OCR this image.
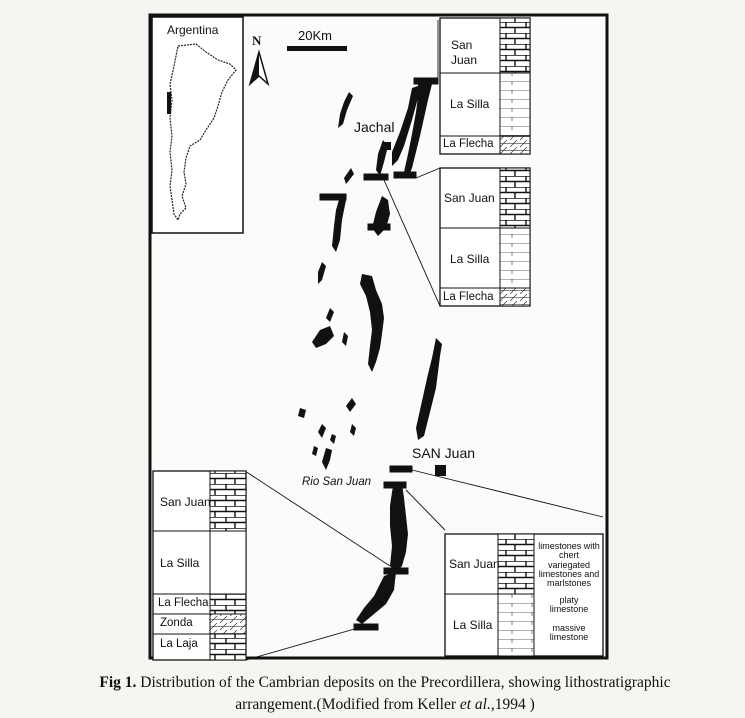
Argentina
N	20Km
Jachal
SAN Juan
Rio San Juan
San Juan
La Silla
La Flecha
San Juan
La Silla
La Flecha
San Juan
La Silla
La Flecha
Zonda
La Laja
San Juan
La Silla
limestones with chert
variegated limestones and marlstones
platy limestone
massive limestone
Fig 1. Distribution of the Cambrian deposits on the Precordillera, showing lithostratigraphic
arrangement.(Modified from Keller et al.,1994 )
